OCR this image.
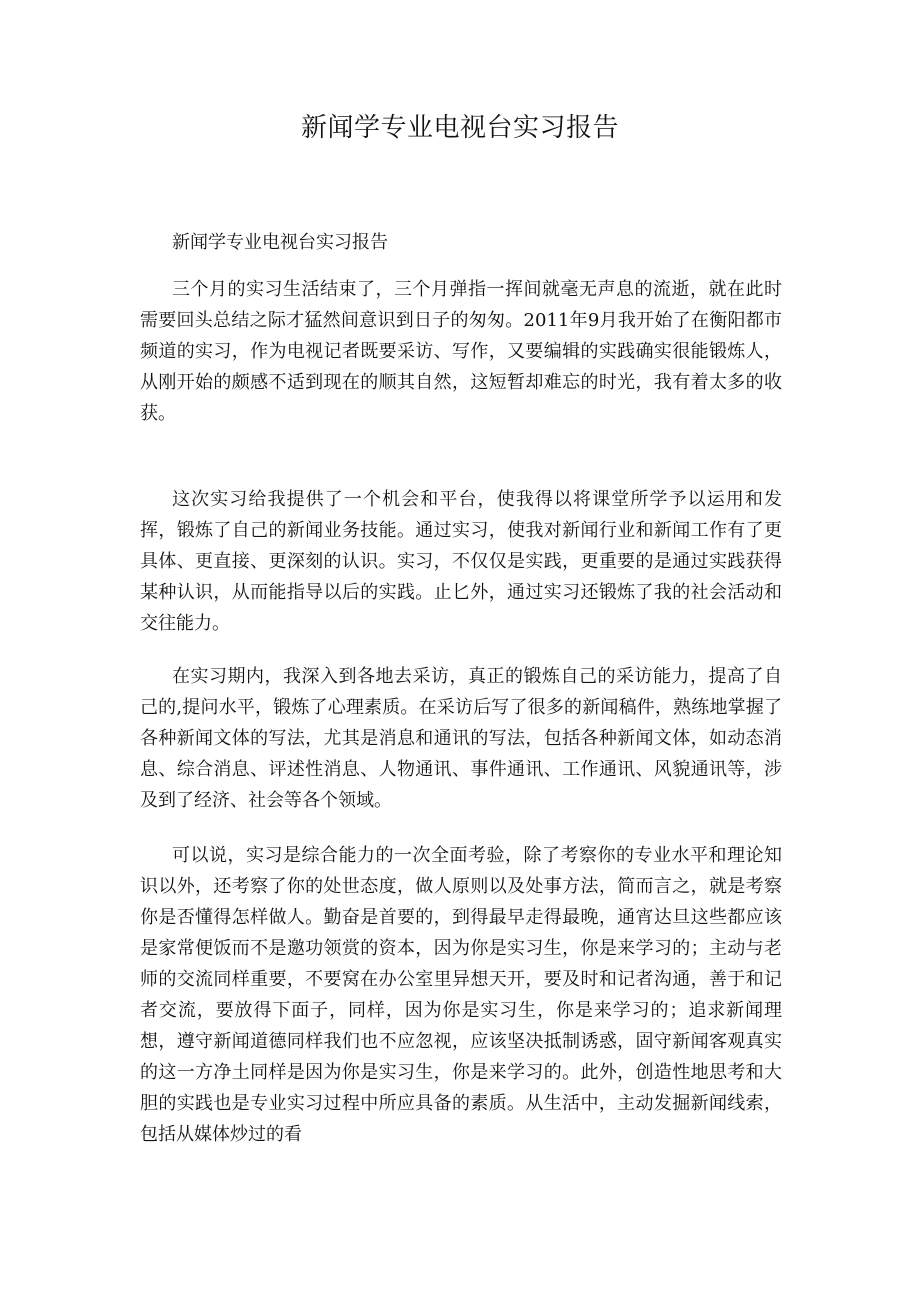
新闻学专业电视台实习报告

新闻学专业电视台实习报告

三个月的实习生活结束了，三个月弹指一挥间就毫无声息的流逝，就在此时需要回头总结之际才猛然间意识到日子的匆匆。2011年9月我开始了在衡阳都市频道的实习，作为电视记者既要采访、写作，又要编辑的实践确实很能锻炼人，从刚开始的颇感不适到现在的顺其自然，这短暂却难忘的时光，我有着太多的收获。

这次实习给我提供了一个机会和平台，使我得以将课堂所学予以运用和发挥，锻炼了自己的新闻业务技能。通过实习，使我对新闻行业和新闻工作有了更具体、更直接、更深刻的认识。实习，不仅仅是实践，更重要的是通过实践获得某种认识，从而能指导以后的实践。止匕外，通过实习还锻炼了我的社会活动和交往能力。

在实习期内，我深入到各地去采访，真正的锻炼自己的采访能力，提高了自己的,提问水平，锻炼了心理素质。在采访后写了很多的新闻稿件，熟练地掌握了各种新闻文体的写法，尤其是消息和通讯的写法，包括各种新闻文体，如动态消息、综合消息、评述性消息、人物通讯、事件通讯、工作通讯、风貌通讯等，涉及到了经济、社会等各个领域。

可以说，实习是综合能力的一次全面考验，除了考察你的专业水平和理论知识以外，还考察了你的处世态度，做人原则以及处事方法，简而言之，就是考察你是否懂得怎样做人。勤奋是首要的，到得最早走得最晚，通宵达旦这些都应该是家常便饭而不是邀功领赏的资本，因为你是实习生，你是来学习的；主动与老师的交流同样重要，不要窝在办公室里异想天开，要及时和记者沟通，善于和记者交流，要放得下面子，同样，因为你是实习生，你是来学习的；追求新闻理想，遵守新闻道德同样我们也不应忽视，应该坚决抵制诱惑，固守新闻客观真实的这一方净土同样是因为你是实习生，你是来学习的。此外，创造性地思考和大胆的实践也是专业实习过程中所应具备的素质。从生活中，主动发掘新闻线索，包括从媒体炒过的看
